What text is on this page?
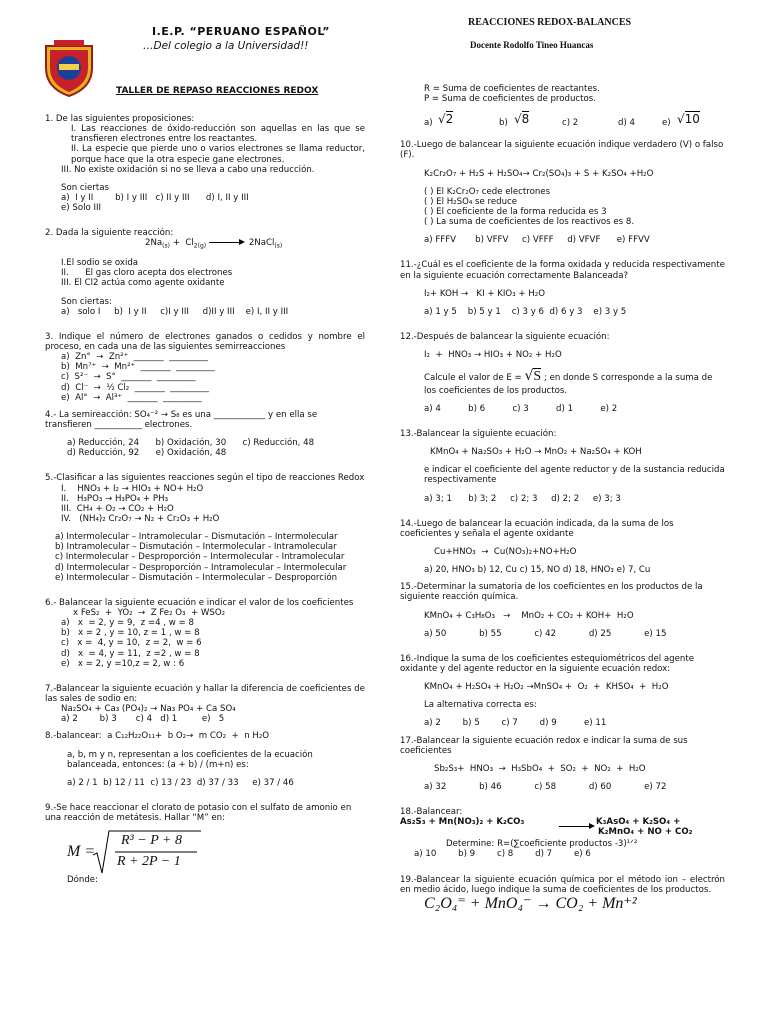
I.E.P. “PERUANO ESPAÑOL”
…Del colegio a la Universidad!!
REACCIONES REDOX-BALANCES
Docente Rodolfo Tineo Huancas
TALLER DE REPASO REACCIONES REDOX
1. De las siguientes proposiciones:
I. Las reacciones de óxido-reducción son aquellas en las que se transfieren electrones entre los reactantes.
II. La especie que pierde uno o varios electrones se llama reductor, porque hace que la otra especie gane electrones.
III. No existe oxidación si no se lleva a cabo una reducción.
Son ciertas
a)  I y II        b) I y III   c) II y III      d) I, II y III
e) Solo III
2. Dada la siguiente reacción:
$2Na_{(s)} + Cl_{2(g)}$	2NaCl$_{(s)}$
I.El sodio se oxida
II.      El gas cloro acepta dos electrones
III. El Cl2 actúa como agente oxidante
Son ciertas:
a)   solo I     b)  I y II     c)I y III     d)II y III    e) I, II y III
3. Indique el número de electrones ganados o cedidos y nombre el proceso, en cada una de las siguientes semirreacciones
a)  Zn°  →  Zn²⁺  _______  _________
b)  Mn⁷⁺  →  Mn²⁺  _______  _________
c)  S²⁻  →  S°  _______  _________
d)  Cl⁻  →  ½ Cl₂  _______  _________
e)  Al°  →  Al³⁺  _______  _________
4.- La semireacción: SO₄⁻² → S₈ es una ____________ y en ella se transfieren ___________ electrones.
a) Reducción, 24      b) Oxidación, 30      c) Reducción, 48
d) Reducción, 92      e) Oxidación, 48
5.-Clasificar a las siguientes reacciones según el tipo de reacciones Redox
I.    HNO₃ + I₂ → HIO₃ + NO+ H₂O
II.   H₃PO₃ → H₃PO₄ + PH₃
III.  CH₄ + O₂ → CO₂ + H₂O
IV.   (NH₄)₂ Cr₂O₇ → N₂ + Cr₂O₃ + H₂O
a) Intermolecular – Intramolecular – Dismutación – Intermolecular
b) Intramolecular – Dismutación – Intermolecular - Intramolecular
c) Intermolecular – Desproporción – Intermolecular - Intramolecular
d) Intermolecular – Desproporción – Intramolecular – Intermolecular
e) Intermolecular – Dismutación – Intermolecular – Desproporción
6.- Balancear la siguiente ecuación e indicar el valor de los coeficientes
x FeS₂  +  YO₂  →  Z Fe₂ O₃  + WSO₂
a)   x  = 2, y = 9,  z =4 , w = 8
b)   x = 2 , y = 10, z = 1 , w = 8
c)   x =  4, y = 10,  z = 2,  w = 6
d)   x  = 4, y = 11,  z =2 , w = 8
e)   x = 2, y =10,z = 2, w : 6
7.-Balancear la siguiente ecuación y hallar la diferencia de coeficientes de las sales de sodio en:
Na₂SO₄ + Ca₃ (PO₄)₂ → Na₃ PO₄ + Ca SO₄
a) 2        b) 3       c) 4   d) 1         e)   5
8.-balancear:  a C₁₂H₂₂O₁₁+  b O₂→  m CO₂  +  n H₂O
a, b, m y n, representan a los coeficientes de la ecuación balanceada, entonces: (a + b) / (m+n) es:
a) 2 / 1  b) 12 / 11  c) 13 / 23  d) 37 / 33     e) 37 / 46
9.-Se hace reaccionar el clorato de potasio con el sulfato de amonio en una reacción de metátesis. Hallar “M” en:
M =
R³ − P + 8
R + 2P − 1
Dónde:
R = Suma de coeficientes de reactantes.
P = Suma de coeficientes de productos.
a) √2	b) √8	c) 2	d) 4	e) √10
10.-Luego de balancear la siguiente ecuación indique verdadero (V) o falso (F).
K₂Cr₂O₇ + H₂S + H₂SO₄→ Cr₂(SO₄)₃ + S + K₂SO₄ +H₂O
( ) El K₂Cr₂O₇ cede electrones
( ) El H₂SO₄ se reduce
( ) El coeficiente de la forma reducida es 3
( ) La suma de coeficientes de los reactivos es 8.
a) FFFV       b) VFFV     c) VFFF     d) VFVF      e) FFVV
11.-¿Cuál es el coeficiente de la forma oxidada y reducida respectivamente en la siguiente ecuación correctamente Balanceada?
I₂+ KOH →   KI + KIO₃ + H₂O
a) 1 y 5    b) 5 y 1    c) 3 y 6  d) 6 y 3    e) 3 y 5
12.-Después de balancear la siguiente ecuación:
I₂  +  HNO₃ → HIO₃ + NO₂ + H₂O
Calcule el valor de E = √S ; en donde S corresponde a la suma de los coeficientes de los productos.
a) 4          b) 6          c) 3          d) 1          e) 2
13.-Balancear la siguiente ecuación:
KMnO₄ + Na₂SO₃ + H₂O → MnO₂ + Na₂SO₄ + KOH
e indicar el coeficiente del agente reductor y de la sustancia reducida respectivamente
a) 3; 1      b) 3; 2     c) 2; 3     d) 2; 2     e) 3; 3
14.-Luego de balancear la ecuación indicada, da la suma de los coeficientes y señala el agente oxidante
Cu+HNO₃  →  Cu(NO₃)₂+NO+H₂O
a) 20, HNO₃ b) 12, Cu c) 15, NO d) 18, HNO₃ e) 7, Cu
15.-Determinar la sumatoria de los coeficientes en los productos de la siguiente reacción química.
KMnO₄ + C₃H₈O₃   →    MnO₂ + CO₂ + KOH+  H₂O
a) 50            b) 55            c) 42            d) 25            e) 15
16.-Indique la suma de los coeficientes estequiométricos del agente oxidante y del agente reductor en la siguiente ecuación redox:
KMnO₄ + H₂SO₄ + H₂O₂ →MnSO₄ +  O₂  +  KHSO₄  +  H₂O
La alternativa correcta es:
a) 2        b) 5        c) 7        d) 9          e) 11
17.-Balancear la siguiente ecuación redox e indicar la suma de sus coeficientes
Sb₂S₃+  HNO₃  →  H₃SbO₄  +  SO₂  +  NO₂  +  H₂O
a) 32            b) 46            c) 58            d) 60            e) 72
18.-Balancear:
As₂S₃ + Mn(NO₃)₂ + K₂CO₃	K₃AsO₄ + K₂SO₄ +
K₂MnO₄ + NO + CO₂
Determine: R=(∑coeficiente productos -3)¹ᐟ²
a) 10        b) 9        c) 8        d) 7        e) 6
19.-Balancear la siguiente ecuación química por el método ion – electrón en medio ácido, luego indique la suma de coeficientes de los productos.
C₂O₄⁼ + MnO₄⁻ → CO₂ + Mn⁺²
